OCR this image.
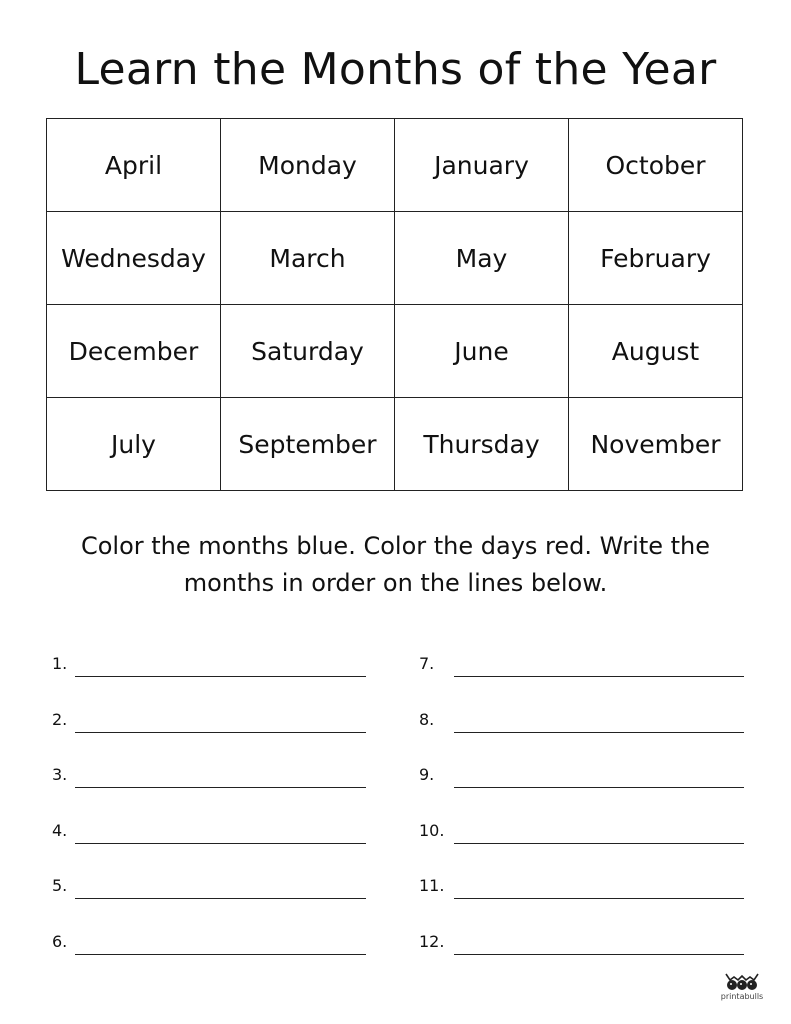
Learn the Months of the Year
April	Monday	January	October
Wednesday	March	May	February
December	Saturday	June	August
July	September	Thursday	November

Color the months blue. Color the days red. Write the months in order on the lines below.

1.
2.
3.
4.
5.
6.
7.
8.
9.
10.
11.
12.
printabulls
